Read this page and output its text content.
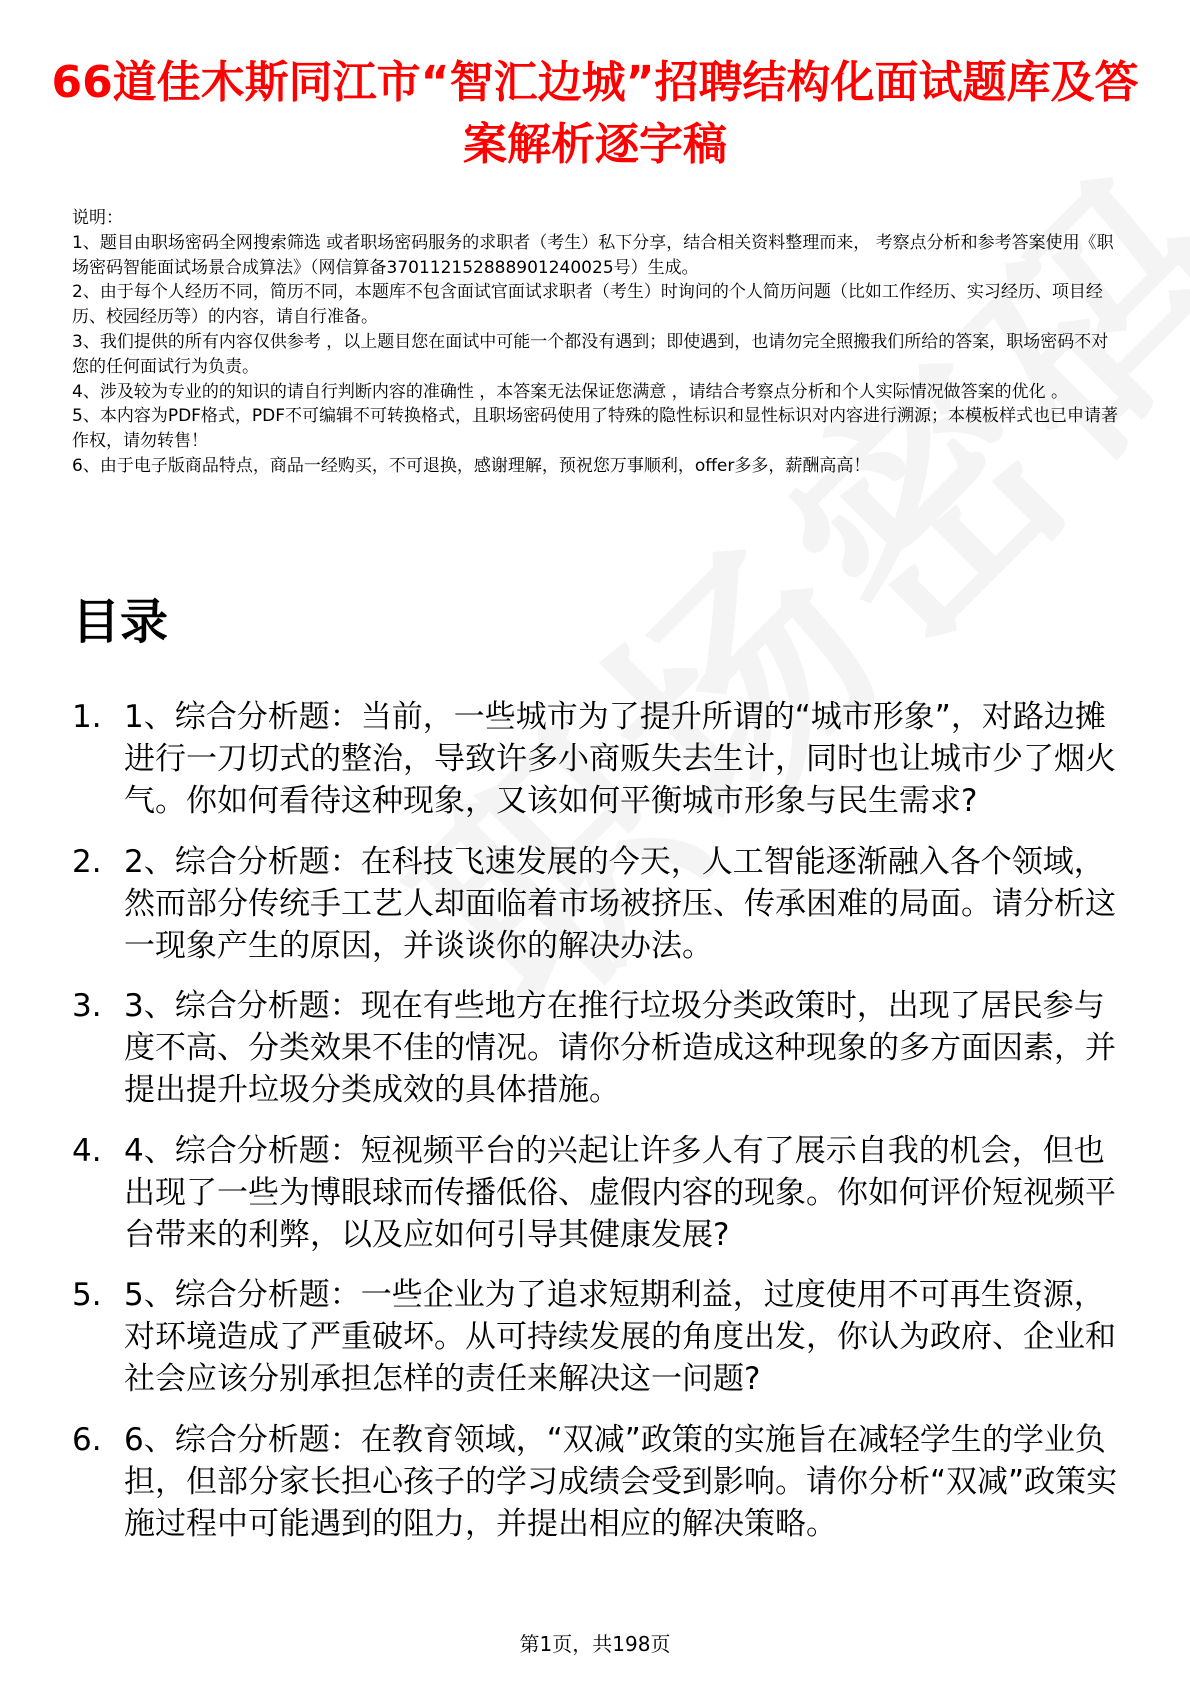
66道佳木斯同江市“智汇边城”招聘结构化面试题库及答案解析逐字稿

说明：

1、题目由职场密码全网搜索筛选 或者职场密码服务的求职者（考生）私下分享，结合相关资料整理而来， 考察点分析和参考答案使用《职场密码智能面试场景合成算法》（网信算备370112152888901240025号）生成。

2、由于每个人经历不同，简历不同，本题库不包含面试官面试求职者（考生）时询问的个人简历问题（比如工作经历、实习经历、项目经历、校园经历等）的内容，请自行准备。

3、我们提供的所有内容仅供参考 ，以上题目您在面试中可能一个都没有遇到；即使遇到，也请勿完全照搬我们所给的答案，职场密码不对您的任何面试行为负责。

4、涉及较为专业的的知识的请自行判断内容的准确性 ，本答案无法保证您满意 ，请结合考察点分析和个人实际情况做答案的优化 。

5、本内容为PDF格式，PDF不可编辑不可转换格式，且职场密码使用了特殊的隐性标识和显性标识对内容进行溯源；本模板样式也已申请著作权，请勿转售！

6、由于电子版商品特点，商品一经购买，不可退换，感谢理解，预祝您万事顺利，offer多多，薪酬高高！

目录
1. 1、综合分析题：当前，一些城市为了提升所谓的“城市形象”，对路边摊进行一刀切式的整治，导致许多小商贩失去生计，同时也让城市少了烟火气。你如何看待这种现象，又该如何平衡城市形象与民生需求?
2. 2、综合分析题：在科技飞速发展的今天，人工智能逐渐融入各个领域，然而部分传统手工艺人却面临着市场被挤压、传承困难的局面。请分析这一现象产生的原因，并谈谈你的解决办法。
3. 3、综合分析题：现在有些地方在推行垃圾分类政策时，出现了居民参与度不高、分类效果不佳的情况。请你分析造成这种现象的多方面因素，并提出提升垃圾分类成效的具体措施。
4. 4、综合分析题：短视频平台的兴起让许多人有了展示自我的机会，但也出现了一些为博眼球而传播低俗、虚假内容的现象。你如何评价短视频平台带来的利弊，以及应如何引导其健康发展?
5. 5、综合分析题：一些企业为了追求短期利益，过度使用不可再生资源，对环境造成了严重破坏。从可持续发展的角度出发，你认为政府、企业和社会应该分别承担怎样的责任来解决这一问题?
6. 6、综合分析题：在教育领域，“双减”政策的实施旨在减轻学生的学业负担，但部分家长担心孩子的学习成绩会受到影响。请你分析“双减”政策实施过程中可能遇到的阻力，并提出相应的解决策略。
第1页，共198页
